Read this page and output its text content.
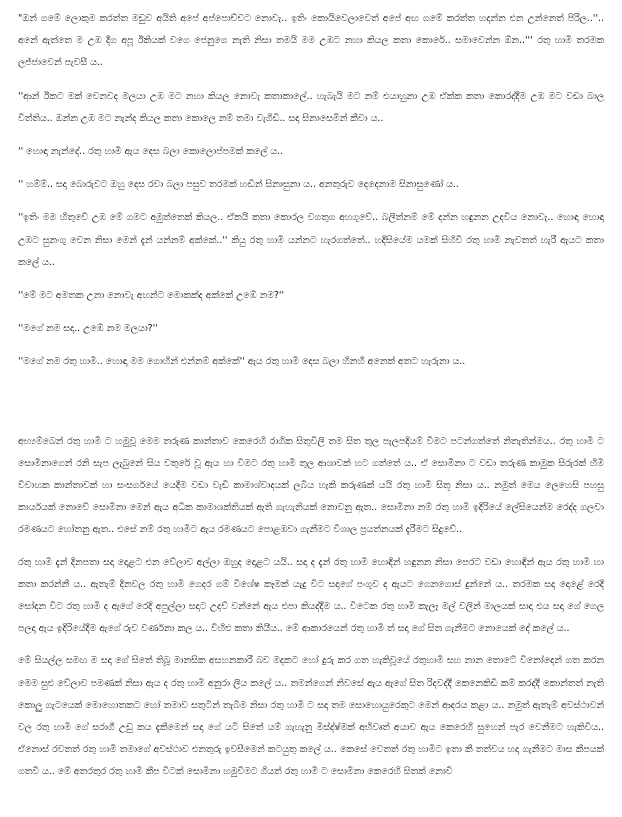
"ඔන් ගමේ ලොකුම කරත්ත මඩුව අයිති අපේ අප්පොච්චට නොවැ.. ඉතිං කොයිවෙලාවෙත් අපේ අඟ ගමේ කරත්ත හදන්න එන උන්නෙත් පිරිල..''.. අනේ ඇත්තෙ ම උඹ දීග අපූ ඊකියක් වගෙ ජෙනුගෙ නැති නිසා තමයි මම උඹට නහා කියල කතා කොරේ.. සමාවෙන්න ඕන..''' රතු හාමි තරමක ලජ්ජාවෙන් පැවසී ය..

''ආන් ඊකට මක් වෙනවද මලයා උඹ මට නහා කියල නොවැ කතාකාලේ.. හැබැයි මට නම් එයාහුනා උඹ ඒක්ක කතා කොරද්දීම උඹ මට වඩා බාල විත්තිය.. ඔන්න උඹ මට නැන්ද කියල කතා කොලෙ නම් තමා වැගිඩි.. සදා සිනාසෙමින් කීවා ය..

'' හොඳා නැන්දේ.. රතු හාමි ඇය දෙස බලා කොලොප්පමක් කලේ ය..

'' හම්ම්.. සදා බොරුවට ඔහු දෙස රවා බලා පසුව තරමක් හඬින් සිනාසුනා ය.. අනතුරුව දෙදෙනාම සිනාසුණෝ ය..

''ඉතිං මම හිතුවේ උඹ මේ ගමට අමුත්තෙක් කියල.. ඒකයි කතා කොරල වගතුග අහගුවේ.. බලිත්නම් මේ දන්න හඳුනන උදවිය නොවැ.. හොඳා හොඳා උඹට සුනංගු වෙන නිසා මෙන් දැන් යන්නම් අක්කේ..'' කියු රතු හාමි යන්නට හැරගත්තේ.. හදිසියේම යමක් සිහිවී රතු හාමි නැවතත් හැරී ඇයට කතා කලේ ය..

''මේ මට අමතක උනා නොවැ අහන්ට මොකක්ද අක්කේ උඹේ නම?''

''මගේ නම සදා.. උඹේ නම මලයා?''

''මගේ නම රතු හාමි.. හොඳා මම ගොහින් එන්නම් අක්කේ'' ඇය රතු හාමි දෙස බලා හිනහී අනෙක් අතට හැරුනා ය..

අභ්‍යම්බෙන් රතු හාමි ට හමුවූ මෙම තරුණ කාන්තාව කෙරෙහි රාගික සිතුවිලි තම සිත තුල පැලපදියම් වීමට පටන්ගත්තේ නිතැතින්මය.. රතු හාමි ට සොමිනාගෙන් රනි සැප ලැබුනේ සිය වතුරේ වූ ඇය හා විමට රතු හාමි තුල ආශාවක් හට ගත්තේ ය.. ඒ සොමිනා ට වඩා තරුණ කාමුක සිරුරක් හිමි විවාහක කාන්තාවක් හා සංසර්ගයේ යෙදීම වඩා වැඩි කාමාශ්වාදයක් ලබිය හැකි කරුණක් යයි රතු හාමි සිතූ නිසා ය.. නමුත් මෙය ලෙහෙසි පහසු කාර්යයක් නොවේ සොමිනා මෙන් ඇය අධික කාමාශක්තියක් ඇති ගැහැනියක් නොවනු ඇත.. සොමිනා නම් රතු හාමි ඉදිරියේ ලේසියෙන්ම රෙද්ද ගලවා රමණයට හෝතනු ඇත.. එසේ නම් රතු හාමිට ඇය රමණයට පොළඹවා ගැනීමට විශාල ප්‍රයත්නයක් දැරීමට සිදුවේ..

රතු හාමි දැන් දිනපතා සදා දොළට එන වේලාව අල්ලා ඔහුද දොළට යයි.. සදා ද දැන් රතු හාමි හොඳින් හඳුනන නිසා පෙරට වඩා හොඳින් ඇය රතු හාමි හා කතා කරන්නී ය.. ඇතැම් දිනවල රතු හාමි ගෙදර ගම් විශේෂ කෑමක් යැදු විට සදාගේ පංගුව ද ඇයට ගෙනගොස් දුන්නේ ය.. තරමක සදා දොළේ රෙදි සෝදන විට රතු හාමි ද ඇගේ රෙදි අපුල්ලා සදාට උදව් වන්නේ ඇය එපා කියද්දීම ය.. විටෙක රතු හාමි කැලෑ මල් වලින් මාලයක් සාදා එය සදා ගේ ගෙල පලදා ඇය ඉදිරියේදීම ඇගේ රුව වර්ණනා කල ය.. විහිළු කතා කියීය.. මේ ආකාරයෙන් රතු හාමි ත් සදා ගේ සිත ගැනීමට නොයෙක් දේ කලේ ය..

මේ සියල්ල සමඟ ම සදා ගේ සිතේ තිබූ මානසික අසහනකාරී බව මදකට හෝ දුරු කර ගත හැකිවූයේ රතුහාමි සහ නාන තොටේ විනෝදෙන් ගත කරන මෙම සුළු වේලාව පමණක් නිසා ඇය ද රතු හාමි අනුරා ලිය කලේ ය.. තමන්ගෙන් නිවසේ ඇය ඇගේ සිත රිදවද්දී කෙනෙකිඩි කම් කරද්දී කොන්තත් නැති කොලු ගැටයෙක් මොහොතකට හෝ තමාව සතුටින් තැබීම නිසා රතු හාමි ට සදා තම සොහොයුරෙකුට මෙන් ආදරය කළා ය.. නමුත් ඇතැම් අවස්ථාවන් වල රතු හාමි ගේ සරාගී උඩු කය දැකීමෙන් සදා ගේ යටි සිතේ යම් ගැහැනු මිස්ද්ෂ්මක් අභිවෘත් අයාව ඇය කෙරෙහි සුහෙන් පැර වෙනීමට හැකිවිය.. ඒනොස් රවතත් රතු හාමි තමාගේ අවස්ථාව එනතුරු ඉවසීමෙන් කටයුතු කලේ ය.. කෙසේ වෙතත් රතු හාමිට ඉතා කී තත්වය හදා ගැනීමට මාස කීපයක් ගතවී ය.. මේ අතරතුර රතු හාමි කීප විටක් සොමිනා හමුවීමට ගියත් රතු හාමි ට සොමිනා කෙරෙහි සිතක් නොවී
